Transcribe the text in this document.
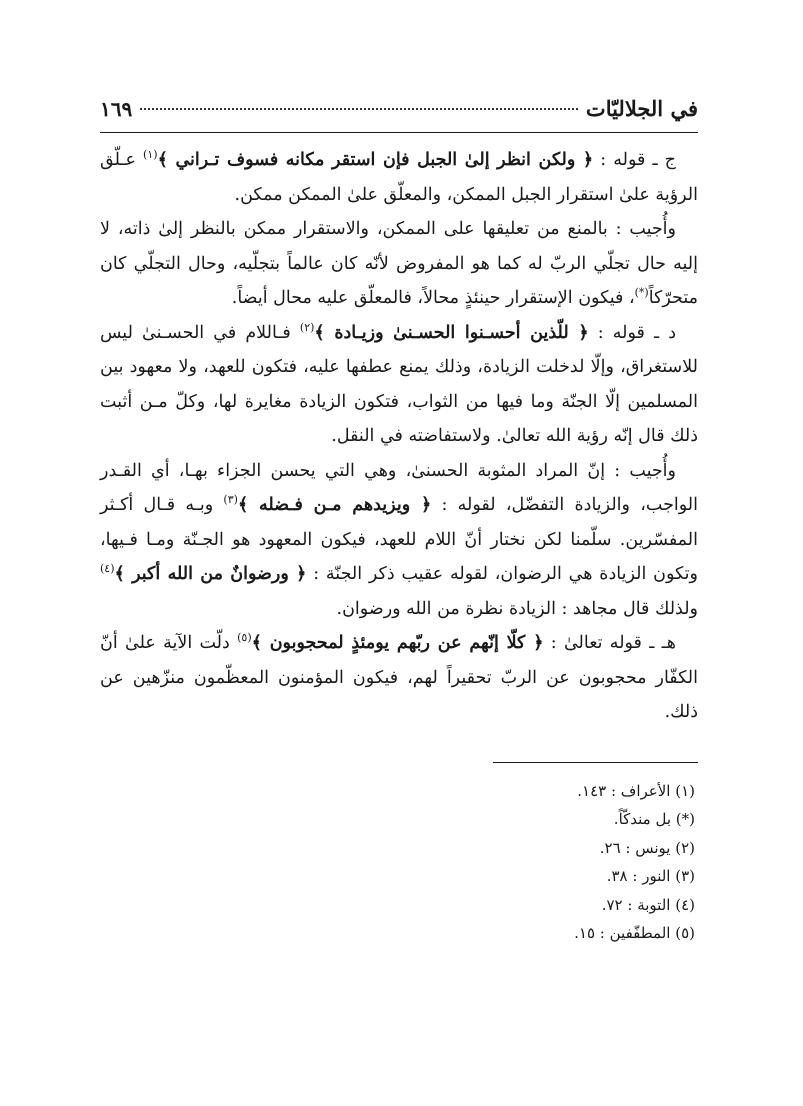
في الجلاليّات
١٦٩

ج ـ قوله : ﴿ ولكن انظر إلىٰ الجبل فإن استقر مكانه فسوف تـراني ﴾$^{(١)}$ عـلّق الرؤية علىٰ استقرار الجبل الممكن، والمعلّق علىٰ الممكن ممكن.

وأُجيب : بالمنع من تعليقها على الممكن، والاستقرار ممكن بالنظر إلىٰ ذاته، لا إليه حال تجلّي الربّ له كما هو المفروض لأنّه كان عالماً بتجلّيه، وحال التجلّي كان متحرّكاً(*)، فيكون الإستقرار حينئذٍ محالاً، فالمعلّق عليه محال أيضاً.

د ـ قوله : ﴿ للّذين أحسـنوا الحسـنىٰ وزيـادة ﴾$^{(٢)}$ فـاللام في الحسـنىٰ ليس للاستغراق، وإلّا لدخلت الزيادة، وذلك يمنع عطفها عليه، فتكون للعهد، ولا معهود بين المسلمين إلّا الجنّة وما فيها من الثواب، فتكون الزيادة مغايرة لها، وكلّ مـن أثبت ذلك قال إنّه رؤية الله تعالىٰ. ولاستفاضته في النقل.

وأُجيب : إنّ المراد المثوبة الحسنىٰ، وهي التي يحسن الجزاء بهـا، أي القـدر الواجب، والزيادة التفضّل، لقوله : ﴿ ويزيدهم مـن فـضله ﴾$^{(٣)}$ وبـه قـال أكـثر المفسّرين. سلّمنا لكن نختار أنّ اللام للعهد، فيكون المعهود هو الجـنّة ومـا فـيها، وتكون الزيادة هي الرضوان، لقوله عقيب ذكر الجنّة : ﴿ ورضوانٌ من الله أكبر ﴾$^{(٤)}$ ولذلك قال مجاهد : الزيادة نظرة من الله ورضوان.

هـ ـ قوله تعالىٰ : ﴿ كلّا إنّهم عن ربّهم يومئذٍ لمحجوبون ﴾$^{(٥)}$ دلّت الآية علىٰ أنّ الكفّار محجوبون عن الربّ تحقيراً لهم، فيكون المؤمنون المعظّمون منزّهين عن ذلك.

(١) الأعراف : ١٤٣.
(*) بل مندكّاً.
(٢) يونس : ٢٦.
(٣) النور : ٣٨.
(٤) التوبة : ٧٢.
(٥) المطفّفين : ١٥.
